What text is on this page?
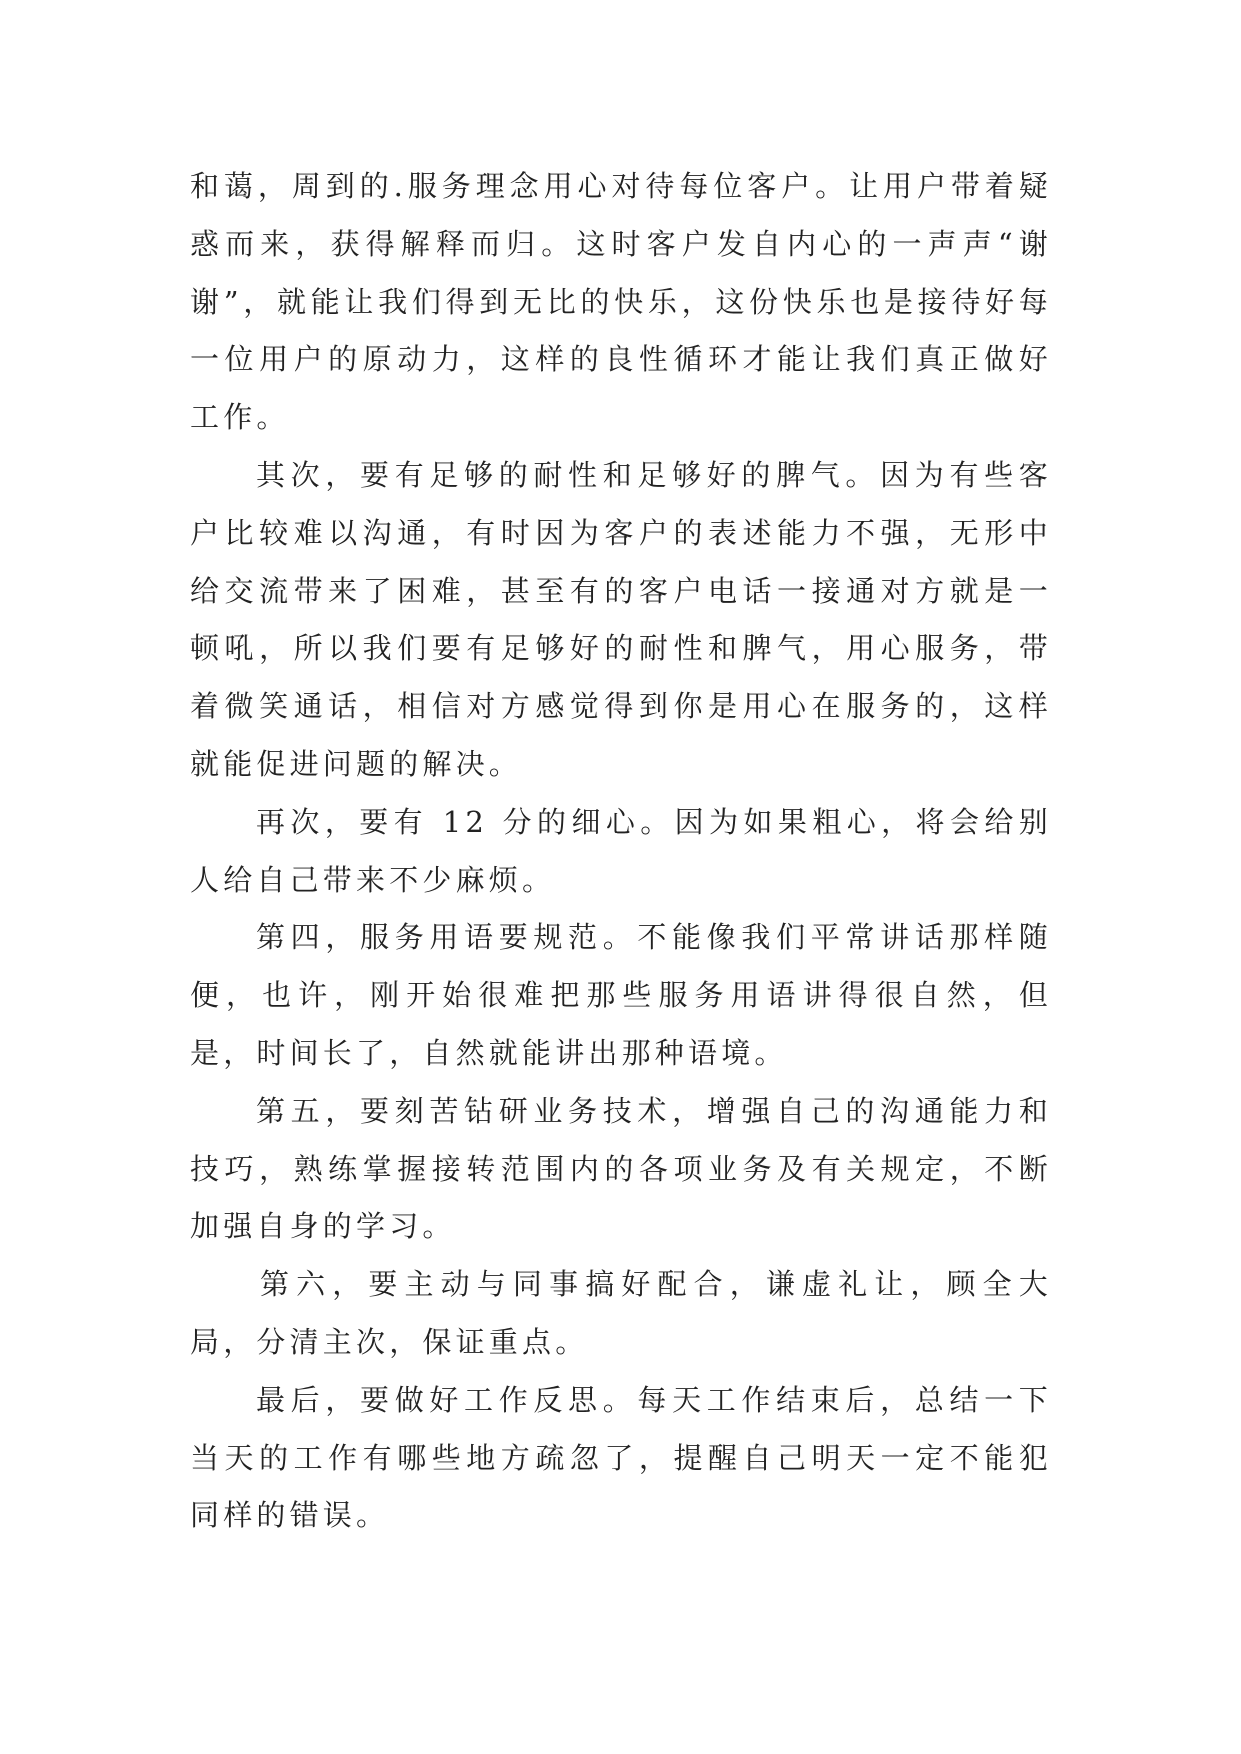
和蔼，周到的.服务理念用心对待每位客户。让用户带着疑惑而来，获得解释而归。这时客户发自内心的一声声“谢谢”，就能让我们得到无比的快乐，这份快乐也是接待好每一位用户的原动力，这样的良性循环才能让我们真正做好工作。

其次，要有足够的耐性和足够好的脾气。因为有些客户比较难以沟通，有时因为客户的表述能力不强，无形中给交流带来了困难，甚至有的客户电话一接通对方就是一顿吼，所以我们要有足够好的耐性和脾气，用心服务，带着微笑通话，相信对方感觉得到你是用心在服务的，这样就能促进问题的解决。

再次，要有 12 分的细心。因为如果粗心，将会给别人给自己带来不少麻烦。

第四，服务用语要规范。不能像我们平常讲话那样随便，也许，刚开始很难把那些服务用语讲得很自然，但是，时间长了，自然就能讲出那种语境。

第五，要刻苦钻研业务技术，增强自己的沟通能力和技巧，熟练掌握接转范围内的各项业务及有关规定，不断加强自身的学习。

第六，要主动与同事搞好配合，谦虚礼让，顾全大局，分清主次，保证重点。

最后，要做好工作反思。每天工作结束后，总结一下当天的工作有哪些地方疏忽了，提醒自己明天一定不能犯同样的错误。
